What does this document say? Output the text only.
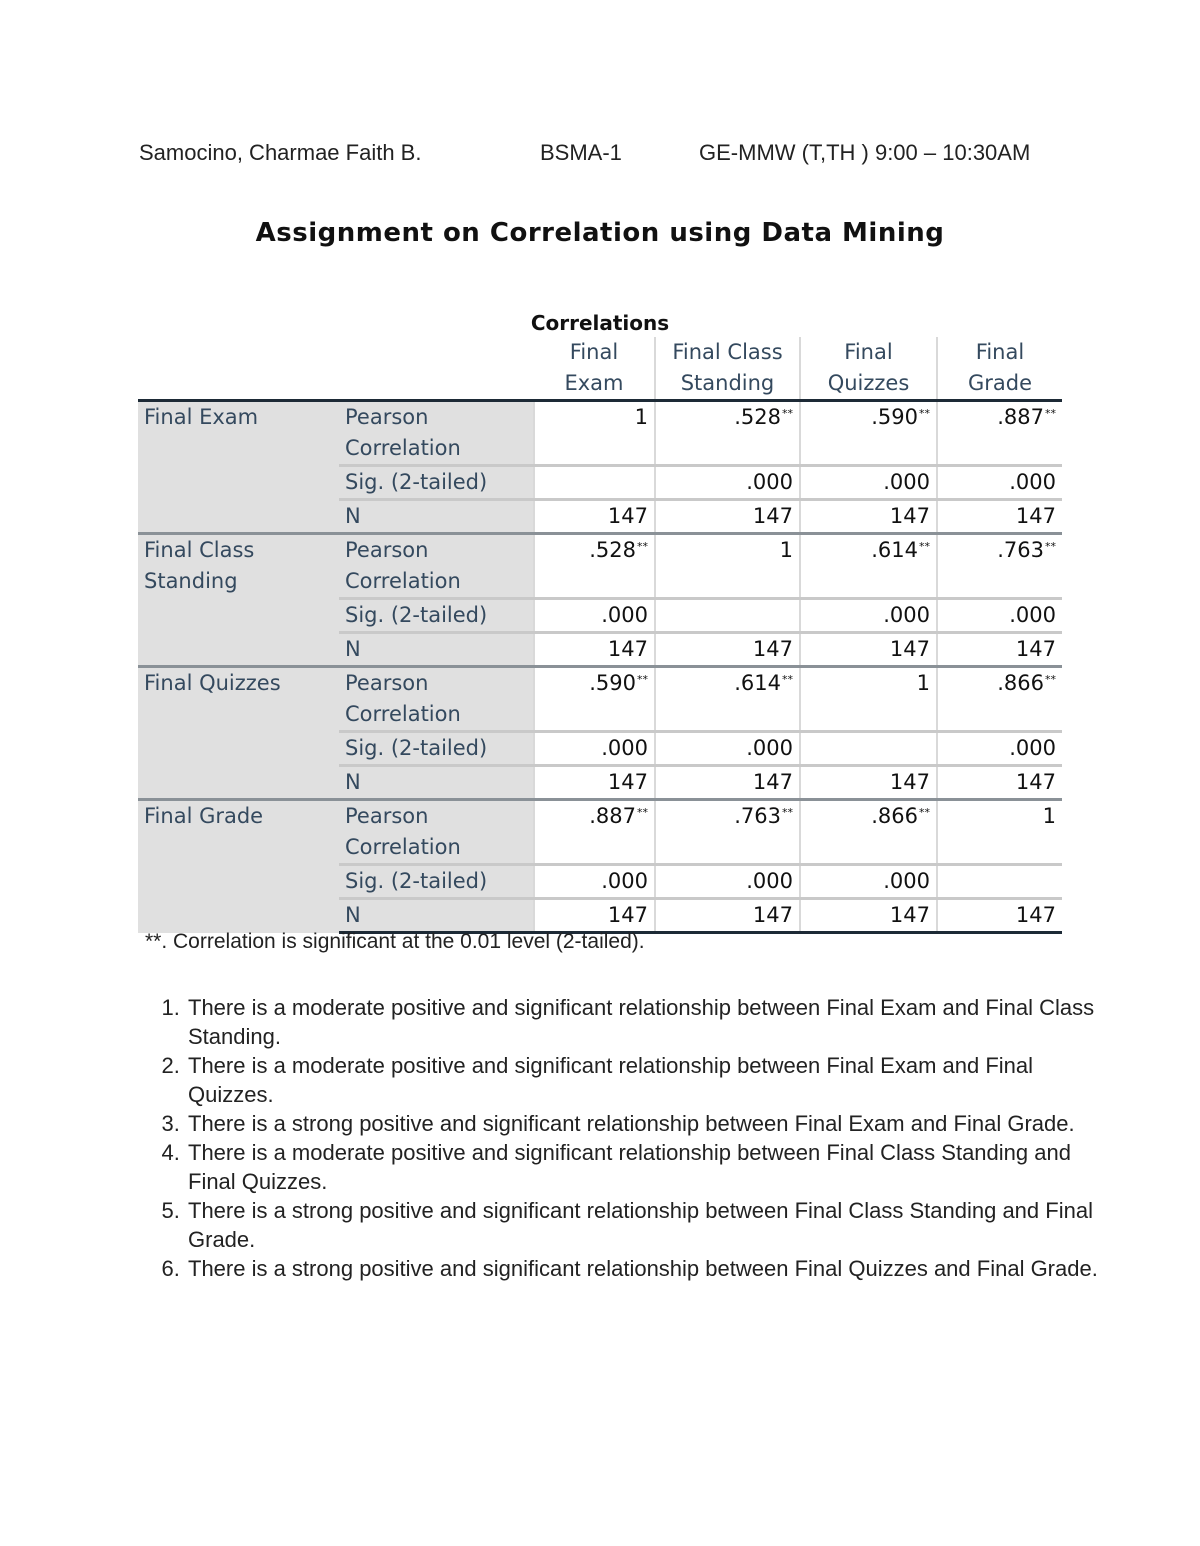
Samocino, Charmae Faith B.	BSMA-1	GE-MMW (T,TH ) 9:00 – 10:30AM
Assignment on Correlation using Data Mining
Correlations
		Final Exam	Final Class Standing	Final Quizzes	Final Grade
Final Exam	Pearson Correlation	1	.528**	.590**	.887**
	Sig. (2-tailed)		.000	.000	.000
	N	147	147	147	147
Final Class Standing	Pearson Correlation	.528**	1	.614**	.763**
	Sig. (2-tailed)	.000		.000	.000
	N	147	147	147	147
Final Quizzes	Pearson Correlation	.590**	.614**	1	.866**
	Sig. (2-tailed)	.000	.000		.000
	N	147	147	147	147
Final Grade	Pearson Correlation	.887**	.763**	.866**	1
	Sig. (2-tailed)	.000	.000	.000	
	N	147	147	147	147
**. Correlation is significant at the 0.01 level (2-tailed).
1. There is a moderate positive and significant relationship between Final Exam and Final Class Standing.
2. There is a moderate positive and significant relationship between Final Exam and Final Quizzes.
3. There is a strong positive and significant relationship between Final Exam and Final Grade.
4. There is a moderate positive and significant relationship between Final Class Standing and Final Quizzes.
5. There is a strong positive and significant relationship between Final Class Standing and Final Grade.
6. There is a strong positive and significant relationship between Final Quizzes and Final Grade.
